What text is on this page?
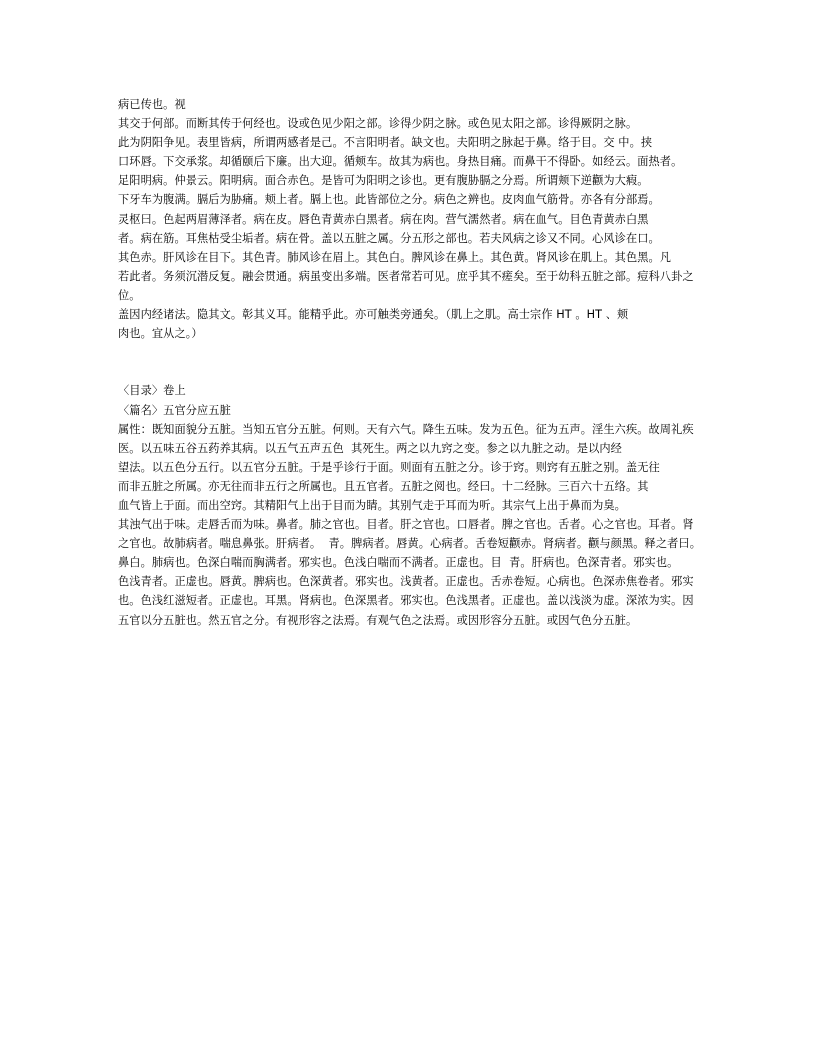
病已传也。视

其交于何部。而断其传于何经也。设或色见少阳之部。诊得少阴之脉。或色见太阳之部。诊得厥阴之脉。

此为阴阳争见。表里皆病，所谓两感者是己。不言阳明者。缺文也。夫阳明之脉起于鼻。络于目。交 中。挟

口环唇。下交承浆。却循颐后下廉。出大迎。循颊车。故其为病也。身热目痛。而鼻干不得卧。如经云。面热者。

足阳明病。仲景云。阳明病。面合赤色。是皆可为阳明之诊也。更有腹胁膈之分焉。所谓颊下逆颧为大瘕。

下牙车为腹满。膈后为胁痛。颊上者。膈上也。此皆部位之分。病色之辨也。皮肉血气筋骨。亦各有分部焉。

灵枢曰。色起两眉薄泽者。病在皮。唇色青黄赤白黑者。病在肉。营气濡然者。病在血气。目色青黄赤白黑

者。病在筋。耳焦枯受尘垢者。病在骨。盖以五脏之属。分五形之部也。若夫风病之诊又不同。心风诊在口。

其色赤。肝风诊在目下。其色青。肺风诊在眉上。其色白。脾风诊在鼻上。其色黄。肾风诊在肌上。其色黑。凡

若此者。务须沉潜反复。融会贯通。病虽变出多端。医者常若可见。庶乎其不瘥矣。至于幼科五脏之部。痘科八卦之位。

盖因内经诸法。隐其文。彰其义耳。能精乎此。亦可触类旁通矣。（肌上之肌。高士宗作 HT 。HT 、颊

肉也。宜从之。）

〈目录〉卷上

〈篇名〉五官分应五脏

属性：既知面貌分五脏。当知五官分五脏。何则。天有六气。降生五味。发为五色。征为五声。淫生六疾。故周礼疾

医。以五味五谷五药养其病。以五气五声五色  其死生。两之以九窍之变。参之以九脏之动。是以内经

望法。以五色分五行。以五官分五脏。于是乎诊行于面。则面有五脏之分。诊于窍。则窍有五脏之别。盖无往

而非五脏之所属。亦无往而非五行之所属也。且五官者。五脏之阅也。经曰。十二经脉。三百六十五络。其

血气皆上于面。而出空窍。其精阳气上出于目而为睛。其别气走于耳而为听。其宗气上出于鼻而为臭。

其浊气出于味。走唇舌而为味。鼻者。肺之官也。目者。肝之官也。口唇者。脾之官也。舌者。心之官也。耳者。肾

之官也。故肺病者。喘息鼻张。肝病者。  青。脾病者。唇黄。心病者。舌卷短颧赤。肾病者。颧与颜黑。释之者曰。

鼻白。肺病也。色深白喘而胸满者。邪实也。色浅白喘而不满者。正虚也。目  青。肝病也。色深青者。邪实也。

色浅青者。正虚也。唇黄。脾病也。色深黄者。邪实也。浅黄者。正虚也。舌赤卷短。心病也。色深赤焦卷者。邪实

也。色浅红滋短者。正虚也。耳黑。肾病也。色深黑者。邪实也。色浅黑者。正虚也。盖以浅淡为虚。深浓为实。因

五官以分五脏也。然五官之分。有视形容之法焉。有观气色之法焉。或因形容分五脏。或因气色分五脏。
